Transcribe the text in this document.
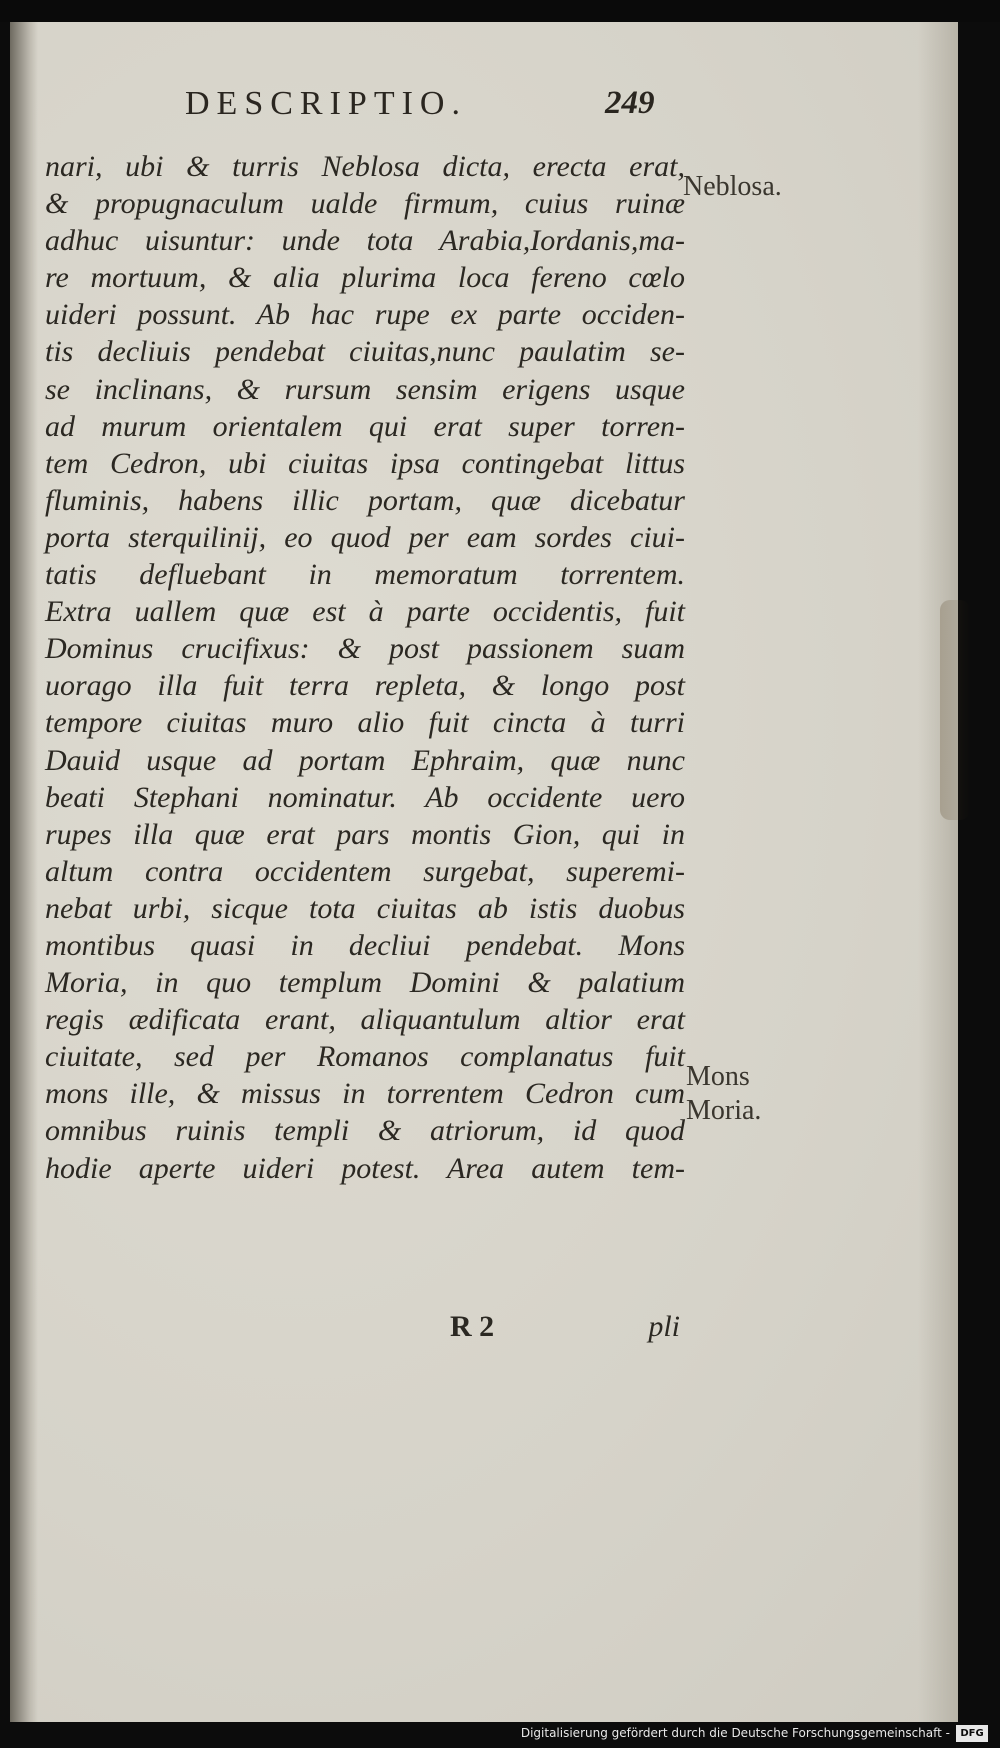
DESCRIPTIO.	249
nari, ubi & turris Neblosa dicta, erecta erat,
& propugnaculum ualde firmum, cuius ruinæ
adhuc uisuntur: unde tota Arabia,Iordanis,ma-
re mortuum, & alia plurima loca fereno cœlo
uideri possunt. Ab hac rupe ex parte occiden-
tis decliuis pendebat ciuitas,nunc paulatim se-
se inclinans, & rursum sensim erigens usque
ad murum orientalem qui erat super torren-
tem Cedron, ubi ciuitas ipsa contingebat littus
fluminis, habens illic portam, quæ dicebatur
porta sterquilinij, eo quod per eam sordes ciui-
tatis defluebant in memoratum torrentem.
Extra uallem quæ est à parte occidentis, fuit
Dominus crucifixus: & post passionem suam
uorago illa fuit terra repleta, & longo post
tempore ciuitas muro alio fuit cincta à turri
Dauid usque ad portam Ephraim, quæ nunc
beati Stephani nominatur. Ab occidente uero
rupes illa quæ erat pars montis Gion, qui in
altum contra occidentem surgebat, superemi-
nebat urbi, sicque tota ciuitas ab istis duobus
montibus quasi in decliui pendebat. Mons
Moria, in quo templum Domini & palatium
regis ædificata erant, aliquantulum altior erat
ciuitate, sed per Romanos complanatus fuit
mons ille, & missus in torrentem Cedron cum
omnibus ruinis templi & atriorum, id quod
hodie aperte uideri potest. Area autem tem-
Neblosa.
Mons
Moria.
R 2	pli
Digitalisierung gefördert durch die Deutsche Forschungsgemeinschaft -	DFG
